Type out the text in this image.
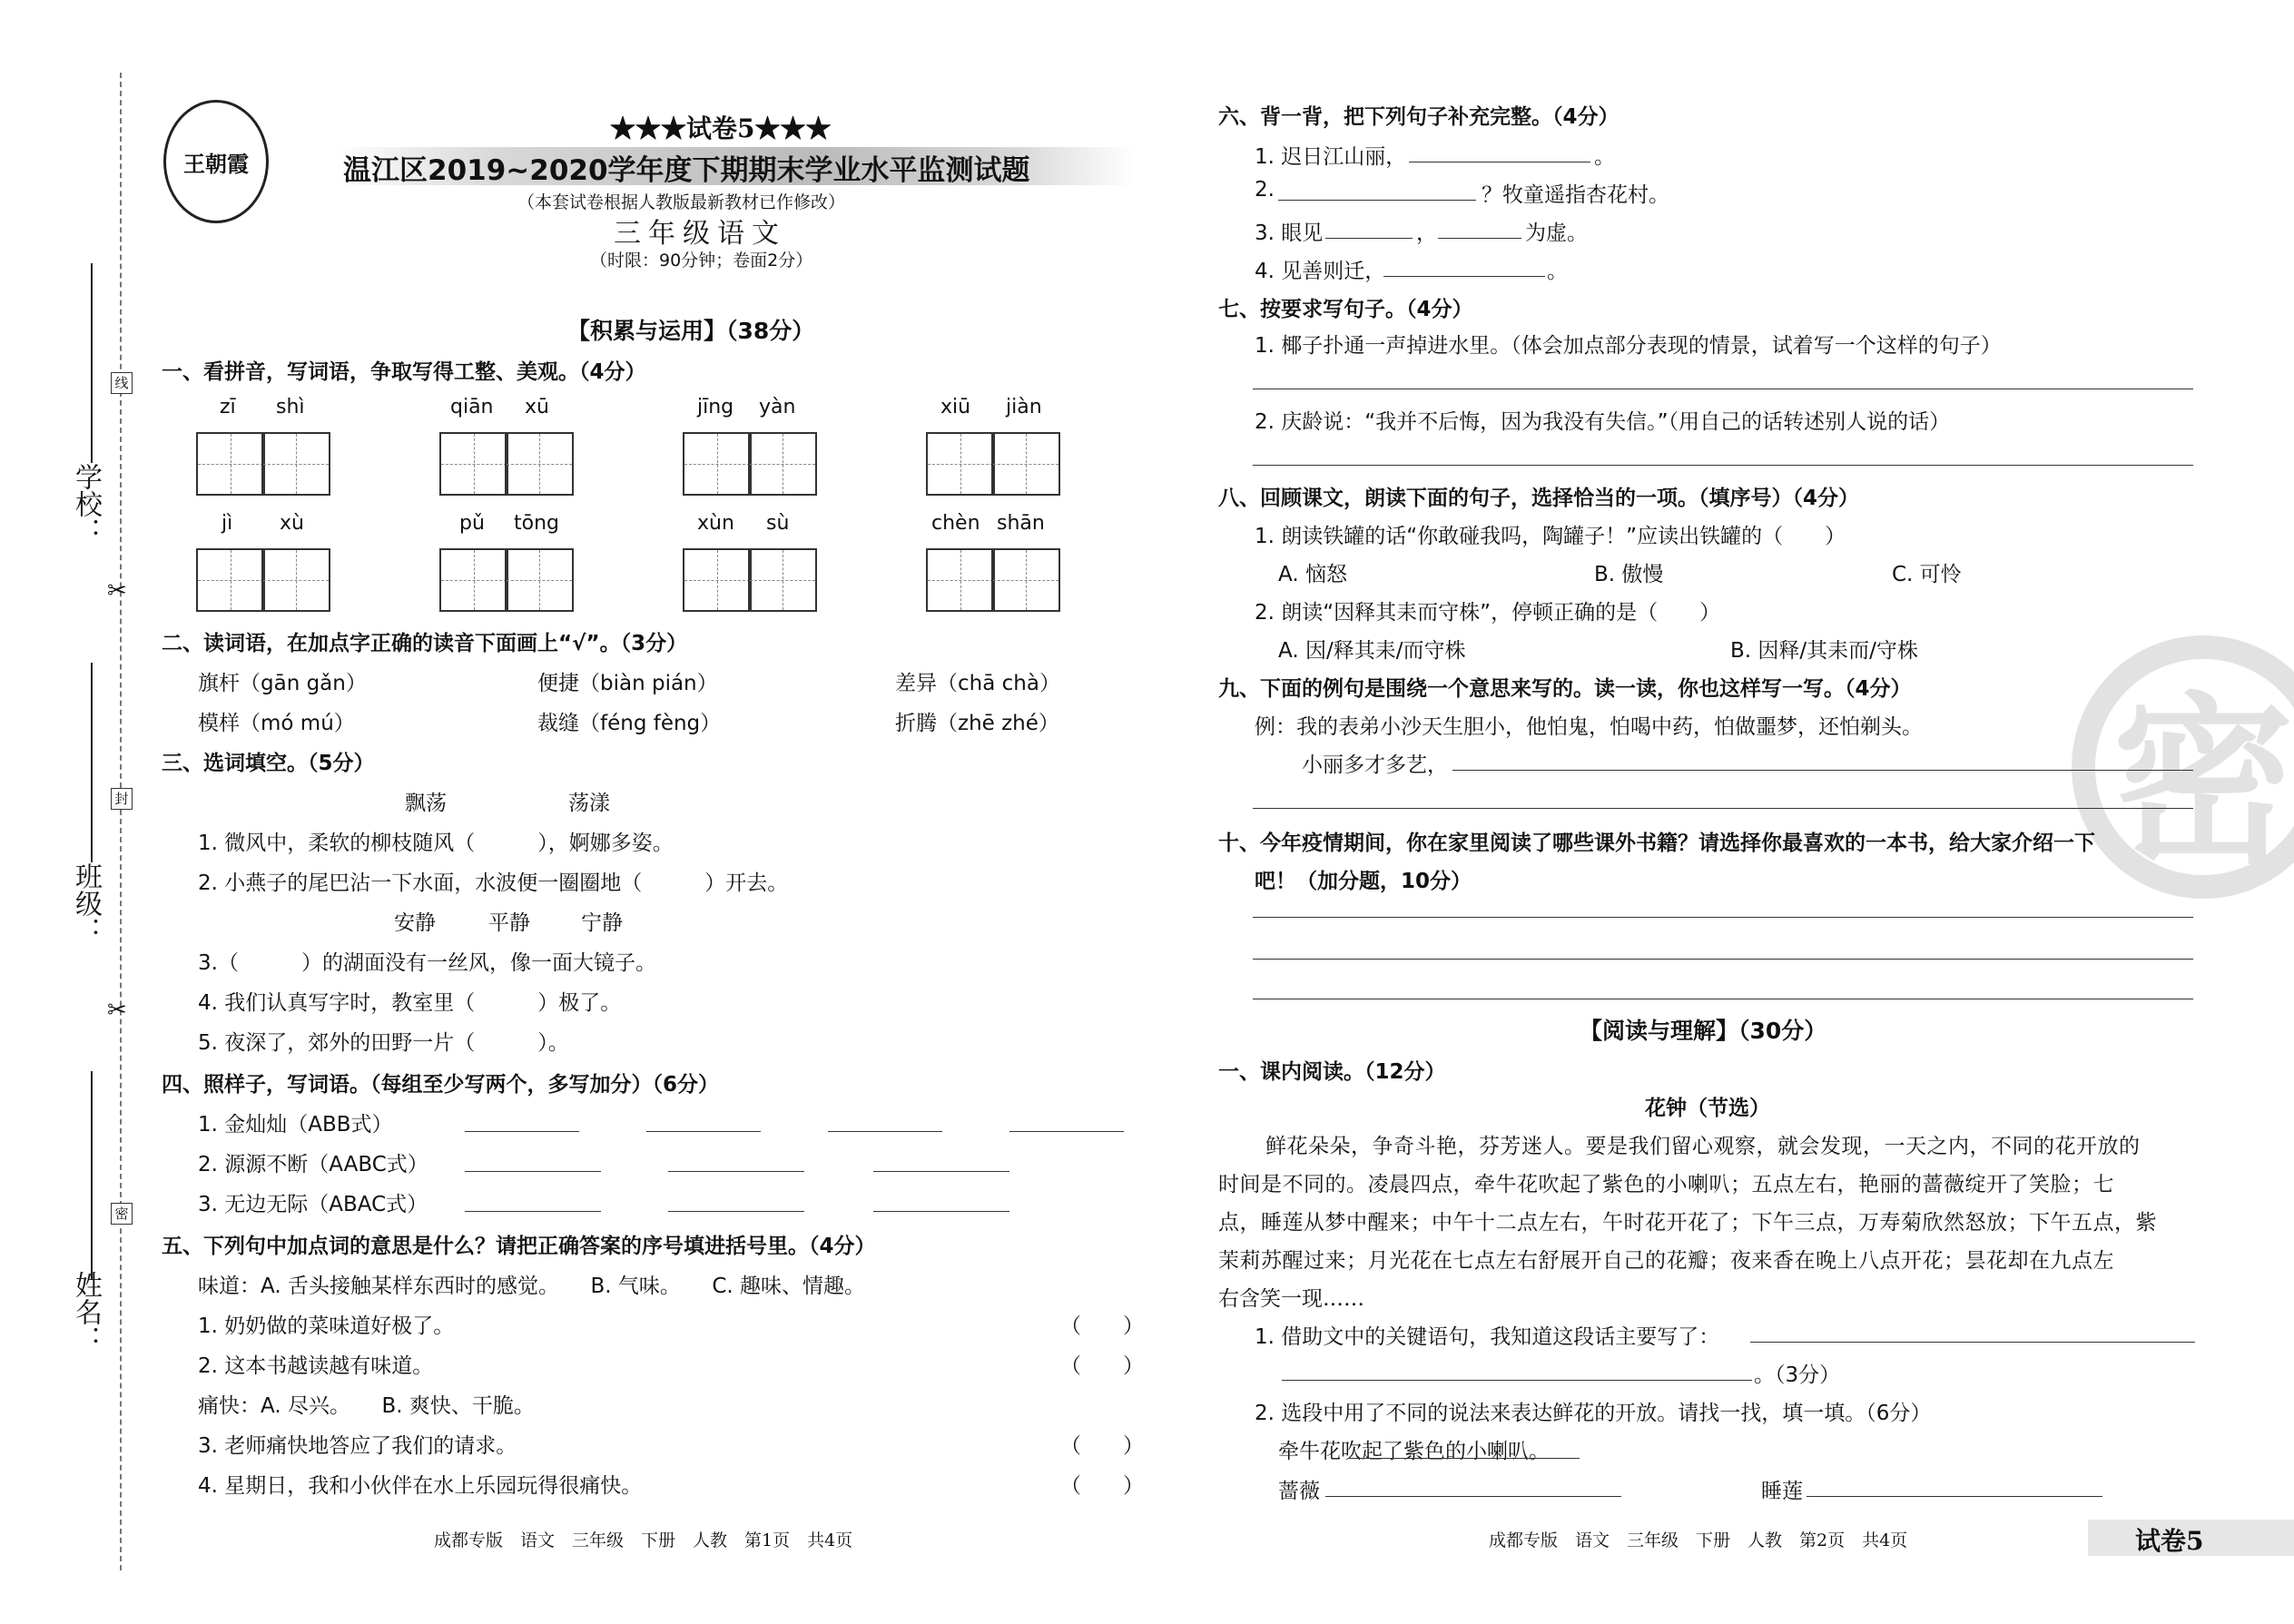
学校：
班级：
姓名：
线
封
密
✂
✂
王朝霞
★★★试卷5★★★
温江区2019~2020学年度下期期末学业水平监测试题
（本套试卷根据人教版最新教材已作修改）
三年级语文
（时限：90分钟；卷面2分）
【积累与运用】（38分）
一、看拼音，写词语，争取写得工整、美观。（4分）
zī shì	qiān xū	jīng yàn	xiū jiàn
jì xù	pǔ tōng	xùn sù	chèn shān
二、读词语，在加点字正确的读音下面画上“√”。（3分）
旗杆（gān gǎn）	便捷（biàn pián）	差异（chā chà）
模样（mó mú）	裁缝（féng fèng）	折腾（zhē zhé）
三、选词填空。（5分）
飘荡	荡漾
1. 微风中，柔软的柳枝随风（　　　），婀娜多姿。
2. 小燕子的尾巴沾一下水面，水波便一圈圈地（　　　）开去。
安静	平静 宁静
3.（　　　）的湖面没有一丝风，像一面大镜子。
4. 我们认真写字时，教室里（　　　）极了。
5. 夜深了，郊外的田野一片（　　　）。
四、照样子，写词语。（每组至少写两个，多写加分）（6分）
1. 金灿灿（ABB式）
2. 源源不断（AABC式）
3. 无边无际（ABAC式）
五、下列句中加点词的意思是什么？请把正确答案的序号填进括号里。（4分）
味道：A. 舌头接触某样东西时的感觉。　　B. 气味。　　C. 趣味、情趣。
1. 奶奶做的菜味道好极了。	（　　）
2. 这本书越读越有味道。	（　　）
痛快：A. 尽兴。　　B. 爽快、干脆。
3. 老师痛快地答应了我们的请求。	（　　）
4. 星期日，我和小伙伴在水上乐园玩得很痛快。	（　　）
成都专版　语文　三年级　下册　人教　第1页　共4页
密
六、背一背，把下列句子补充完整。（4分）
1. 迟日江山丽，	。
2.	？牧童遥指杏花村。
3. 眼见	，	为虚。
4. 见善则迁，	。
七、按要求写句子。（4分）
1. 椰子扑通一声掉进水里。（体会加点部分表现的情景，试着写一个这样的句子）
2. 庆龄说：“我并不后悔，因为我没有失信。”（用自己的话转述别人说的话）
八、回顾课文，朗读下面的句子，选择恰当的一项。（填序号）（4分）
1. 朗读铁罐的话“你敢碰我吗，陶罐子！”应读出铁罐的（　　）
A. 恼怒	B. 傲慢	C. 可怜
2. 朗读“因释其耒而守株”，停顿正确的是（　　）
A. 因/释其耒/而守株	B. 因释/其耒而/守株
九、下面的例句是围绕一个意思来写的。读一读，你也这样写一写。（4分）
例：我的表弟小沙天生胆小，他怕鬼，怕喝中药，怕做噩梦，还怕剃头。
小丽多才多艺，
十、今年疫情期间，你在家里阅读了哪些课外书籍？请选择你最喜欢的一本书，给大家介绍一下
吧！（加分题，10分）
【阅读与理解】（30分）
一、课内阅读。（12分）
花钟（节选）
鲜花朵朵，争奇斗艳，芬芳迷人。要是我们留心观察，就会发现，一天之内，不同的花开放的
时间是不同的。凌晨四点，牵牛花吹起了紫色的小喇叭；五点左右，艳丽的蔷薇绽开了笑脸；七
点，睡莲从梦中醒来；中午十二点左右，午时花开花了；下午三点，万寿菊欣然怒放；下午五点，紫
茉莉苏醒过来；月光花在七点左右舒展开自己的花瓣；夜来香在晚上八点开花；昙花却在九点左
右含笑一现……
1. 借助文中的关键语句，我知道这段话主要写了：
。（3分）
2. 选段中用了不同的说法来表达鲜花的开放。请找一找，填一填。（6分）
牵牛花吹起了紫色的小喇叭。
蔷薇	睡莲
成都专版　语文　三年级　下册　人教　第2页　共4页	试卷5
